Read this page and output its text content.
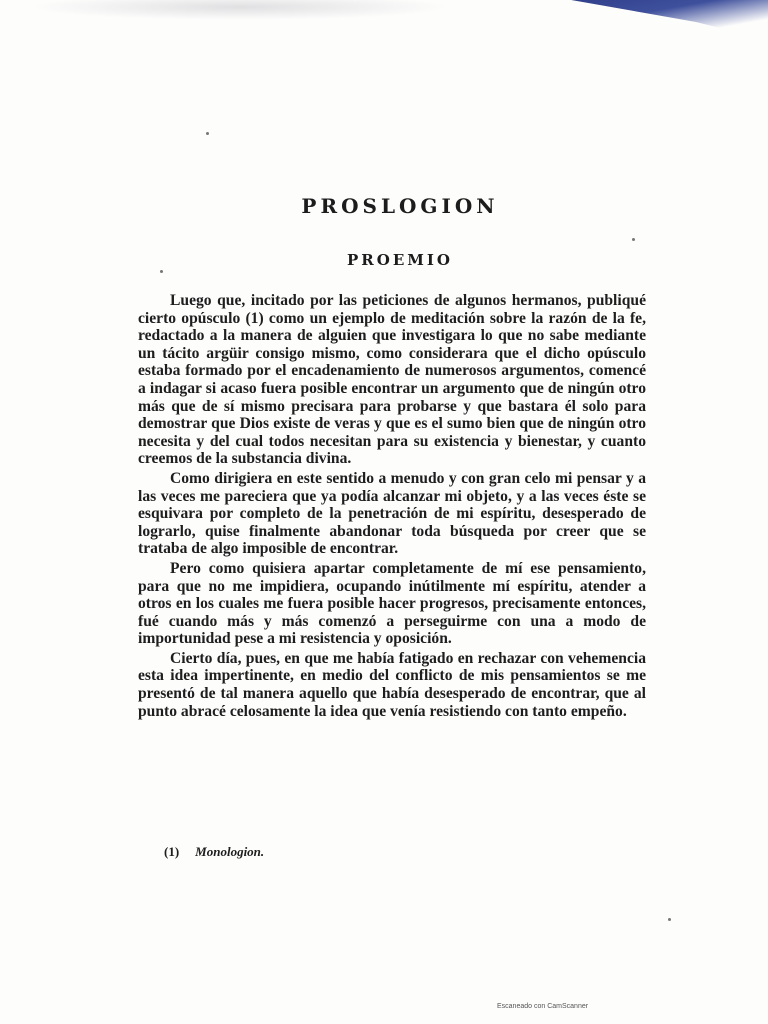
PROSLOGION
PROEMIO

Luego que, incitado por las peticiones de algunos hermanos, publiqué cierto opúsculo (1) como un ejemplo de meditación sobre la razón de la fe, redactado a la manera de alguien que investigara lo que no sabe mediante un tácito argüir consigo mismo, como considerara que el dicho opúsculo estaba formado por el encadenamiento de numerosos argumentos, comencé a indagar si acaso fuera posible encontrar un argumento que de ningún otro más que de sí mismo precisara para probarse y que bastara él solo para demostrar que Dios existe de veras y que es el sumo bien que de ningún otro necesita y del cual todos necesitan para su existencia y bienestar, y cuanto creemos de la substancia divina.

Como dirigiera en este sentido a menudo y con gran celo mi pensar y a las veces me pareciera que ya podía alcanzar mi objeto, y a las veces éste se esquivara por completo de la penetración de mi espíritu, desesperado de lograrlo, quise finalmente abandonar toda búsqueda por creer que se trataba de algo imposible de encontrar.

Pero como quisiera apartar completamente de mí ese pensamiento, para que no me impidiera, ocupando inútilmente mí espíritu, atender a otros en los cuales me fuera posible hacer progresos, precisamente entonces, fué cuando más y más comenzó a perseguirme con una a modo de importunidad pese a mi resistencia y oposición.

Cierto día, pues, en que me había fatigado en rechazar con vehemencia esta idea impertinente, en medio del conflicto de mis pensamientos se me presentó de tal manera aquello que había desesperado de encontrar, que al punto abracé celosamente la idea que venía resistiendo con tanto empeño.

(1) Monologion.
Escaneado con CamScanner
